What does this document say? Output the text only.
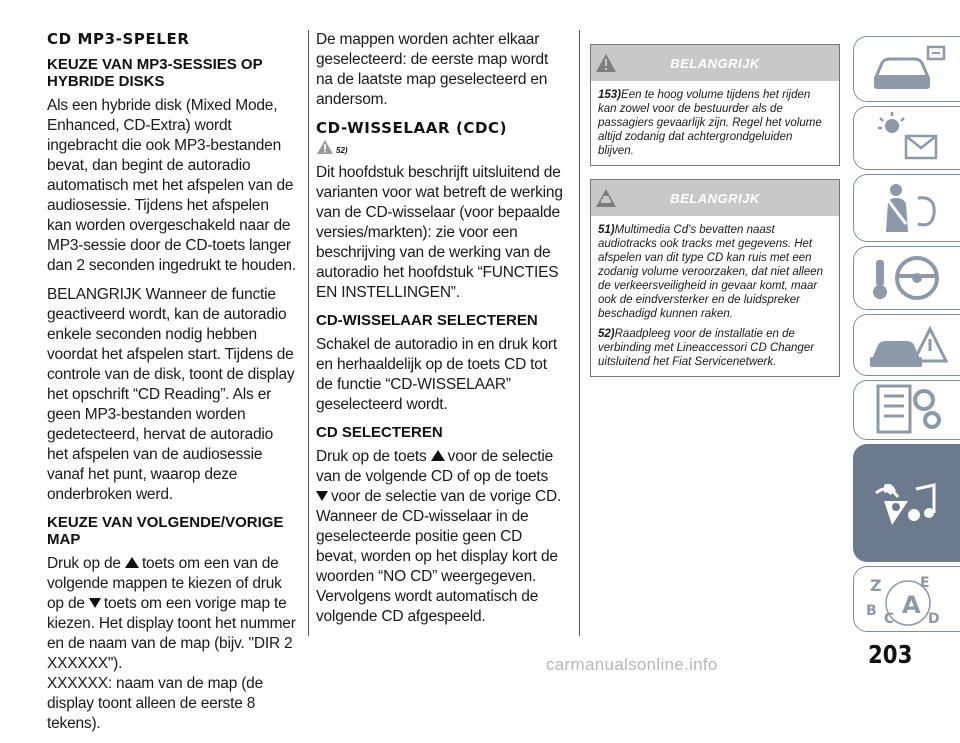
CD MP3-SPELER
KEUZE VAN MP3-SESSIES OP HYBRIDE DISKS

Als een hybride disk (Mixed Mode, Enhanced, CD-Extra) wordt ingebracht die ook MP3-bestanden bevat, dan begint de autoradio automatisch met het afspelen van de audiosessie. Tijdens het afspelen kan worden overgeschakeld naar de MP3-sessie door de CD-toets langer dan 2 seconden ingedrukt te houden.

BELANGRIJK Wanneer de functie geactiveerd wordt, kan de autoradio enkele seconden nodig hebben voordat het afspelen start. Tijdens de controle van de disk, toont de display het opschrift “CD Reading”. Als er geen MP3-bestanden worden gedetecteerd, hervat de autoradio het afspelen van de audiosessie vanaf het punt, waarop deze onderbroken werd.

KEUZE VAN VOLGENDE/VORIGE MAP

Druk op de toets om een van de volgende mappen te kiezen of druk op de toets om een vorige map te kiezen. Het display toont het nummer en de naam van de map (bijv. "DIR 2 XXXXXX").

XXXXXX: naam van de map (de display toont alleen de eerste 8 tekens).

De mappen worden achter elkaar geselecteerd: de eerste map wordt na de laatste map geselecteerd en andersom.

CD-WISSELAAR (CDC)
52)

Dit hoofdstuk beschrijft uitsluitend de varianten voor wat betreft de werking van de CD-wisselaar (voor bepaalde versies/markten): zie voor een beschrijving van de werking van de autoradio het hoofdstuk “FUNCTIES EN INSTELLINGEN”.

CD-WISSELAAR SELECTEREN

Schakel de autoradio in en druk kort en herhaaldelijk op de toets CD tot de functie “CD-WISSELAAR” geselecteerd wordt.

CD SELECTEREN

Druk op de toets voor de selectie van de volgende CD of op de toets voor de selectie van de vorige CD. Wanneer de CD-wisselaar in de geselecteerde positie geen CD bevat, worden op het display kort de woorden “NO CD” weergegeven. Vervolgens wordt automatisch de volgende CD afgespeeld.

BELANGRIJK

153)Een te hoog volume tijdens het rijden kan zowel voor de bestuurder als de passagiers gevaarlijk zijn. Regel het volume altijd zodanig dat achtergrondgeluiden blijven.

BELANGRIJK

51)Multimedia Cd's bevatten naast audiotracks ook tracks met gegevens. Het afspelen van dit type CD kan ruis met een zodanig volume veroorzaken, dat niet alleen de verkeersveiligheid in gevaar komt, maar ook de eindversterker en de luidspreker beschadigd kunnen raken.

52)Raadpleeg voor de installatie en de verbinding met Lineaccessori CD Changer uitsluitend het Fiat Servicenetwerk.

Z	E
B C A D
203
carmanualsonline.info
